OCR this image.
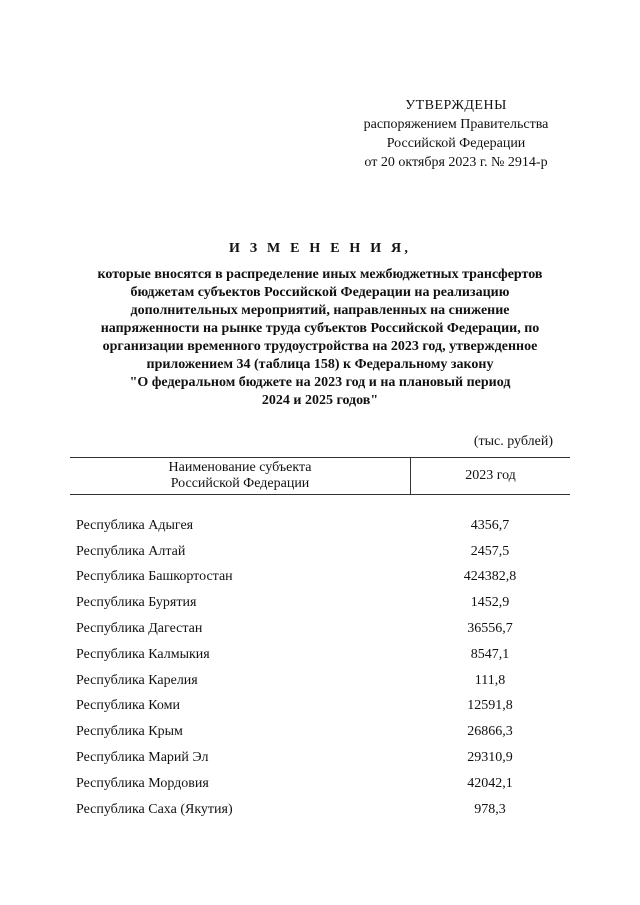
УТВЕРЖДЕНЫ
распоряжением Правительства
Российской Федерации
от 20 октября 2023 г. № 2914-р
И З М Е Н Е Н И Я,
которые вносятся в распределение иных межбюджетных трансфертов
бюджетам субъектов Российской Федерации на реализацию
дополнительных мероприятий, направленных на снижение
напряженности на рынке труда субъектов Российской Федерации, по
организации временного трудоустройства на 2023 год, утвержденное
приложением 34 (таблица 158) к Федеральному закону
"О федеральном бюджете на 2023 год и на плановый период
2024 и 2025 годов"
(тыс. рублей)
Наименование субъекта
Российской Федерации
2023 год
Республика Адыгея	4356,7
Республика Алтай	2457,5
Республика Башкортостан	424382,8
Республика Бурятия	1452,9
Республика Дагестан	36556,7
Республика Калмыкия	8547,1
Республика Карелия	111,8
Республика Коми	12591,8
Республика Крым	26866,3
Республика Марий Эл	29310,9
Республика Мордовия	42042,1
Республика Саха (Якутия)	978,3
